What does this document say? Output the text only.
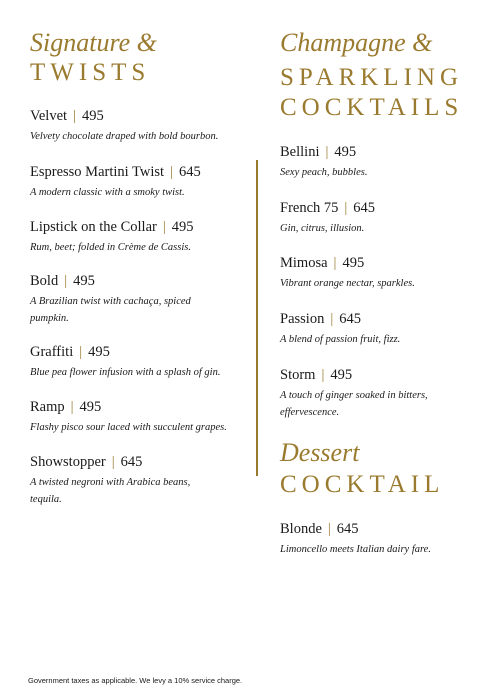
Signature &
TWISTS
Velvet | 495
Velvety chocolate draped with bold bourbon.
Espresso Martini Twist | 645
A modern classic with a smoky twist.
Lipstick on the Collar | 495
Rum, beet; folded in Crème de Cassis.
Bold | 495
A Brazilian twist with cachaça, spiced pumpkin.
Graffiti | 495
Blue pea flower infusion with a splash of gin.
Ramp | 495
Flashy pisco sour laced with succulent grapes.
Showstopper | 645
A twisted negroni with Arabica beans, tequila.
Champagne &
SPARKLING
COCKTAILS
Bellini | 495
Sexy peach, bubbles.
French 75 | 645
Gin, citrus, illusion.
Mimosa | 495
Vibrant orange nectar, sparkles.
Passion | 645
A blend of passion fruit, fizz.
Storm | 495
A touch of ginger soaked in bitters, effervescence.
Dessert
COCKTAIL
Blonde | 645
Limoncello meets Italian dairy fare.
Government taxes as applicable. We levy a 10% service charge.
